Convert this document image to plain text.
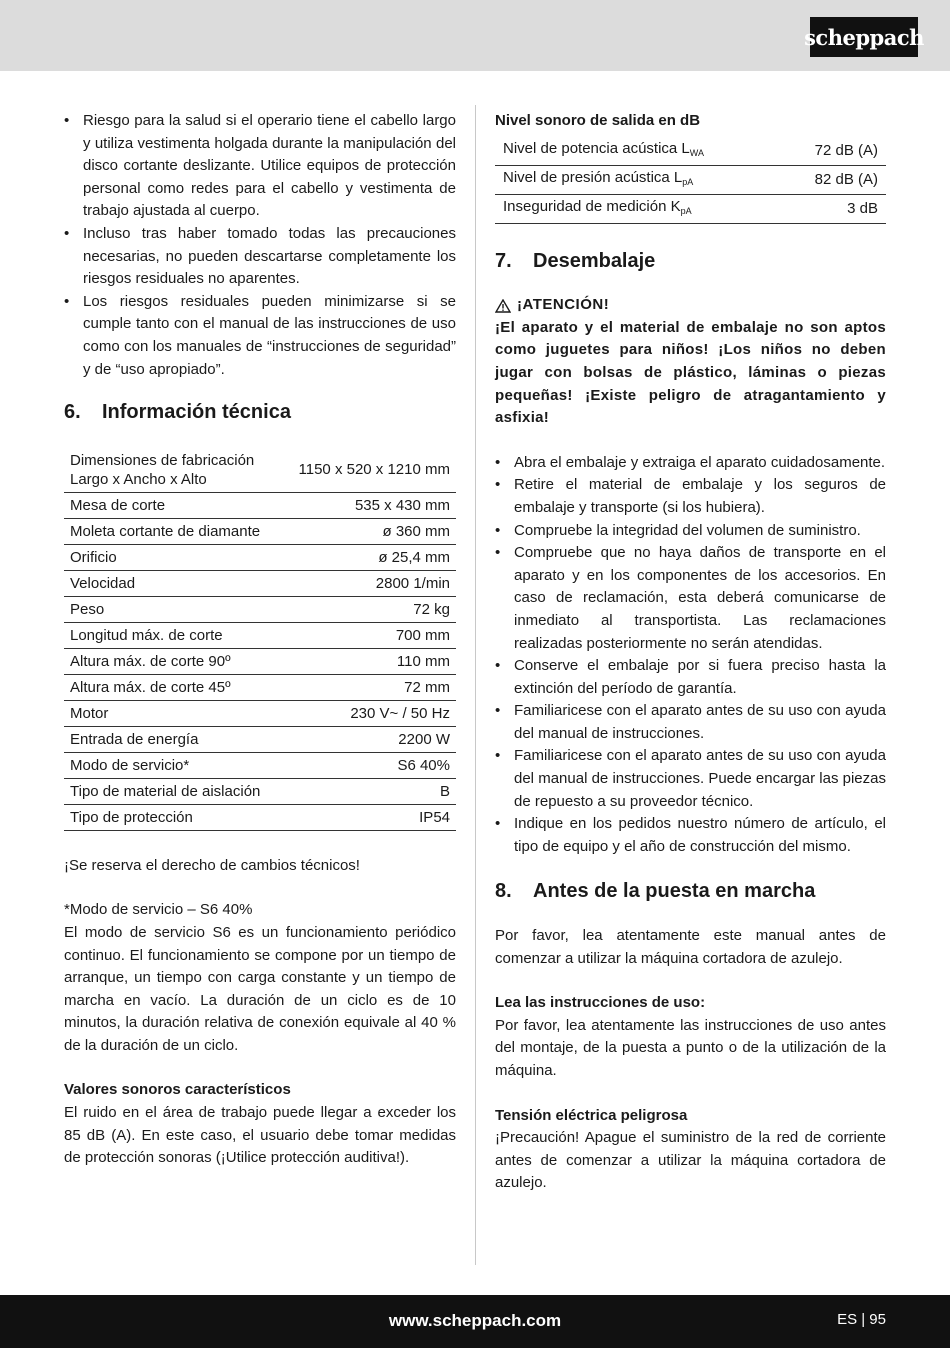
scheppach
• Riesgo para la salud si el operario tiene el cabello largo y utiliza vestimenta holgada durante la manipulación del disco cortante deslizante. Utilice equipos de protección personal como redes para el cabello y vestimenta de trabajo ajustada al cuerpo.
• Incluso tras haber tomado todas las precauciones necesarias, no pueden descartarse completamente los riesgos residuales no aparentes.
• Los riesgos residuales pueden minimizarse si se cumple tanto con el manual de las instrucciones de uso como con los manuales de “instrucciones de seguridad” y de “uso apropiado”.
6.	Información técnica
Dimensiones de fabricación Largo x Ancho x Alto	1150 x 520 x 1210 mm
Mesa de corte	535 x 430 mm
Moleta cortante de diamante	ø 360 mm
Orificio	ø 25,4 mm
Velocidad	2800 1/min
Peso	72 kg
Longitud máx. de corte	700 mm
Altura máx. de corte 90º	110 mm
Altura máx. de corte 45º	72 mm
Motor	230 V~ / 50 Hz
Entrada de energía	2200 W
Modo de servicio*	S6 40%
Tipo de material de aislación	B
Tipo de protección	IP54

¡Se reserva el derecho de cambios técnicos!

*Modo de servicio – S6 40%

El modo de servicio S6 es un funcionamiento periódico continuo. El funcionamiento se compone por un tiempo de arranque, un tiempo con carga constante y un tiempo de marcha en vacío. La duración de un ciclo es de 10 minutos, la duración relativa de conexión equivale al 40 % de la duración de un ciclo.

Valores sonoros característicos

El ruido en el área de trabajo puede llegar a exceder los 85 dB (A). En este caso, el usuario debe tomar medidas de protección sonoras (¡Utilice protección auditiva!).

Nivel sonoro de salida en dB

Nivel de potencia acústica $L_{WA}$	72 dB (A)
Nivel de presión acústica $L_{pA}$	82 dB (A)
Inseguridad de medición $K_{pA}$	3 dB
7.	Desembalaje
¡ATENCIÓN!

¡El aparato y el material de embalaje no son aptos como juguetes para niños! ¡Los niños no deben jugar con bolsas de plástico, láminas o piezas pequeñas! ¡Existe peligro de atragantamiento y asfixia!

• Abra el embalaje y extraiga el aparato cuidadosamente.
• Retire el material de embalaje y los seguros de embalaje y transporte (si los hubiera).
• Compruebe la integridad del volumen de suministro.
• Compruebe que no haya daños de transporte en el aparato y en los componentes de los accesorios. En caso de reclamación, esta deberá comunicarse de inmediato al transportista. Las reclamaciones realizadas posteriormente no serán atendidas.
• Conserve el embalaje por si fuera preciso hasta la extinción del período de garantía.
• Familiaricese con el aparato antes de su uso con ayuda del manual de instrucciones.
• Familiaricese con el aparato antes de su uso con ayuda del manual de instrucciones. Puede encargar las piezas de repuesto a su proveedor técnico.
• Indique en los pedidos nuestro número de artículo, el tipo de equipo y el año de construcción del mismo.
8.	Antes de la puesta en marcha

Por favor, lea atentamente este manual antes de comenzar a utilizar la máquina cortadora de azulejo.

Lea las instrucciones de uso:

Por favor, lea atentamente las instrucciones de uso antes del montaje, de la puesta a punto o de la utilización de la máquina.

Tensión eléctrica peligrosa

¡Precaución! Apague el suministro de la red de corriente antes de comenzar a utilizar la máquina cortadora de azulejo.

www.scheppach.com	ES | 95
